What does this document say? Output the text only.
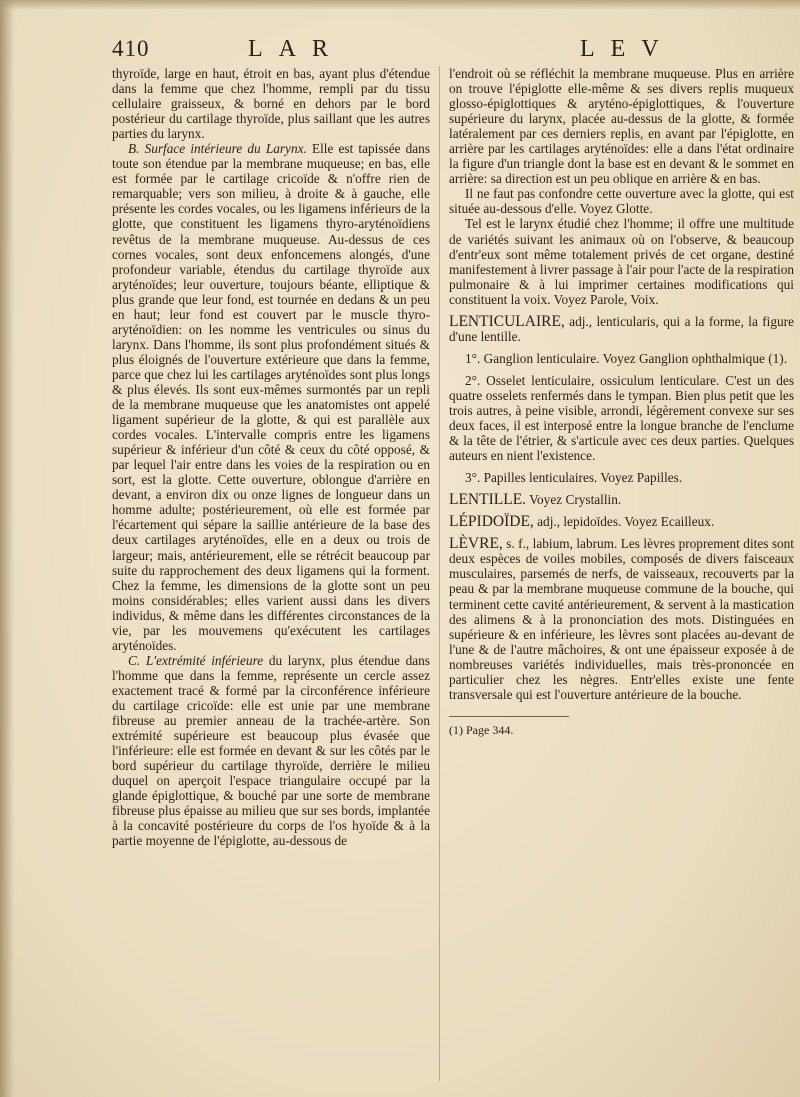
410	LAR	LEV

thyroïde, large en haut, étroit en bas, ayant plus d'étendue dans la femme que chez l'homme, rempli par du tissu cellulaire graisseux, & borné en dehors par le bord postérieur du cartilage thyroïde, plus saillant que les autres parties du larynx.

B. Surface intérieure du Larynx. Elle est tapissée dans toute son étendue par la membrane muqueuse; en bas, elle est formée par le cartilage cricoïde & n'offre rien de remarquable; vers son milieu, à droite & à gauche, elle présente les cordes vocales, ou les ligamens inférieurs de la glotte, que constituent les ligamens thyro-aryténoïdiens revêtus de la membrane muqueuse. Au-dessus de ces cornes vocales, sont deux enfoncemens alongés, d'une profondeur variable, étendus du cartilage thyroïde aux aryténoïdes; leur ouverture, toujours béante, elliptique & plus grande que leur fond, est tournée en dedans & un peu en haut; leur fond est couvert par le muscle thyro-aryténoïdien: on les nomme les ventricules ou sinus du larynx. Dans l'homme, ils sont plus profondément situés & plus éloignés de l'ouverture extérieure que dans la femme, parce que chez lui les cartilages aryténoïdes sont plus longs & plus élevés. Ils sont eux-mêmes surmontés par un repli de la membrane muqueuse que les anatomistes ont appelé ligament supérieur de la glotte, & qui est parallèle aux cordes vocales. L'intervalle compris entre les ligamens supérieur & inférieur d'un côté & ceux du côté opposé, & par lequel l'air entre dans les voies de la respiration ou en sort, est la glotte. Cette ouverture, oblongue d'arrière en devant, a environ dix ou onze lignes de longueur dans un homme adulte; postérieurement, où elle est formée par l'écartement qui sépare la saillie antérieure de la base des deux cartilages aryténoïdes, elle en a deux ou trois de largeur; mais, antérieurement, elle se rétrécit beaucoup par suite du rapprochement des deux ligamens qui la forment. Chez la femme, les dimensions de la glotte sont un peu moins considérables; elles varient aussi dans les divers individus, & même dans les différentes circonstances de la vie, par les mouvemens qu'exécutent les cartilages aryténoïdes.

C. L'extrémité inférieure du larynx, plus étendue dans l'homme que dans la femme, représente un cercle assez exactement tracé & formé par la circonférence inférieure du cartilage cricoïde: elle est unie par une membrane fibreuse au premier anneau de la trachée-artère. Son extrémité supérieure est beaucoup plus évasée que l'inférieure: elle est formée en devant & sur les côtés par le bord supérieur du cartilage thyroïde, derrière le milieu duquel on aperçoit l'espace triangulaire occupé par la glande épiglottique, & bouché par une sorte de membrane fibreuse plus épaisse au milieu que sur ses bords, implantée à la concavité postérieure du corps de l'os hyoïde & à la partie moyenne de l'épiglotte, au-dessous de

l'endroit où se réfléchit la membrane muqueuse. Plus en arrière on trouve l'épiglotte elle-même & ses divers replis muqueux glosso-épiglottiques & aryténo-épiglottiques, & l'ouverture supérieure du larynx, placée au-dessus de la glotte, & formée latéralement par ces derniers replis, en avant par l'épiglotte, en arrière par les cartilages aryténoïdes: elle a dans l'état ordinaire la figure d'un triangle dont la base est en devant & le sommet en arrière: sa direction est un peu oblique en arrière & en bas.

Il ne faut pas confondre cette ouverture avec la glotte, qui est située au-dessous d'elle. Voyez Glotte.

Tel est le larynx étudié chez l'homme; il offre une multitude de variétés suivant les animaux où on l'observe, & beaucoup d'entr'eux sont même totalement privés de cet organe, destiné manifestement à livrer passage à l'air pour l'acte de la respiration pulmonaire & à lui imprimer certaines modifications qui constituent la voix. Voyez Parole, Voix.

LENTICULAIRE, adj., lenticularis, qui a la forme, la figure d'une lentille.

1°. Ganglion lenticulaire. Voyez Ganglion ophthalmique (1).

2°. Osselet lenticulaire, ossiculum lenticulare. C'est un des quatre osselets renfermés dans le tympan. Bien plus petit que les trois autres, à peine visible, arrondi, légèrement convexe sur ses deux faces, il est interposé entre la longue branche de l'enclume & la tête de l'étrier, & s'articule avec ces deux parties. Quelques auteurs en nient l'existence.

3°. Papilles lenticulaires. Voyez Papilles.

LENTILLE. Voyez Crystallin.

LÉPIDOÏDE, adj., lepidoïdes. Voyez Ecailleux.

LÈVRE, s. f., labium, labrum. Les lèvres proprement dites sont deux espèces de voiles mobiles, composés de divers faisceaux musculaires, parsemés de nerfs, de vaisseaux, recouverts par la peau & par la membrane muqueuse commune de la bouche, qui terminent cette cavité antérieurement, & servent à la mastication des alimens & à la prononciation des mots. Distinguées en supérieure & en inférieure, les lèvres sont placées au-devant de l'une & de l'autre mâchoires, & ont une épaisseur exposée à de nombreuses variétés individuelles, mais très-prononcée en particulier chez les nègres. Entr'elles existe une fente transversale qui est l'ouverture antérieure de la bouche.

(1) Page 344.
